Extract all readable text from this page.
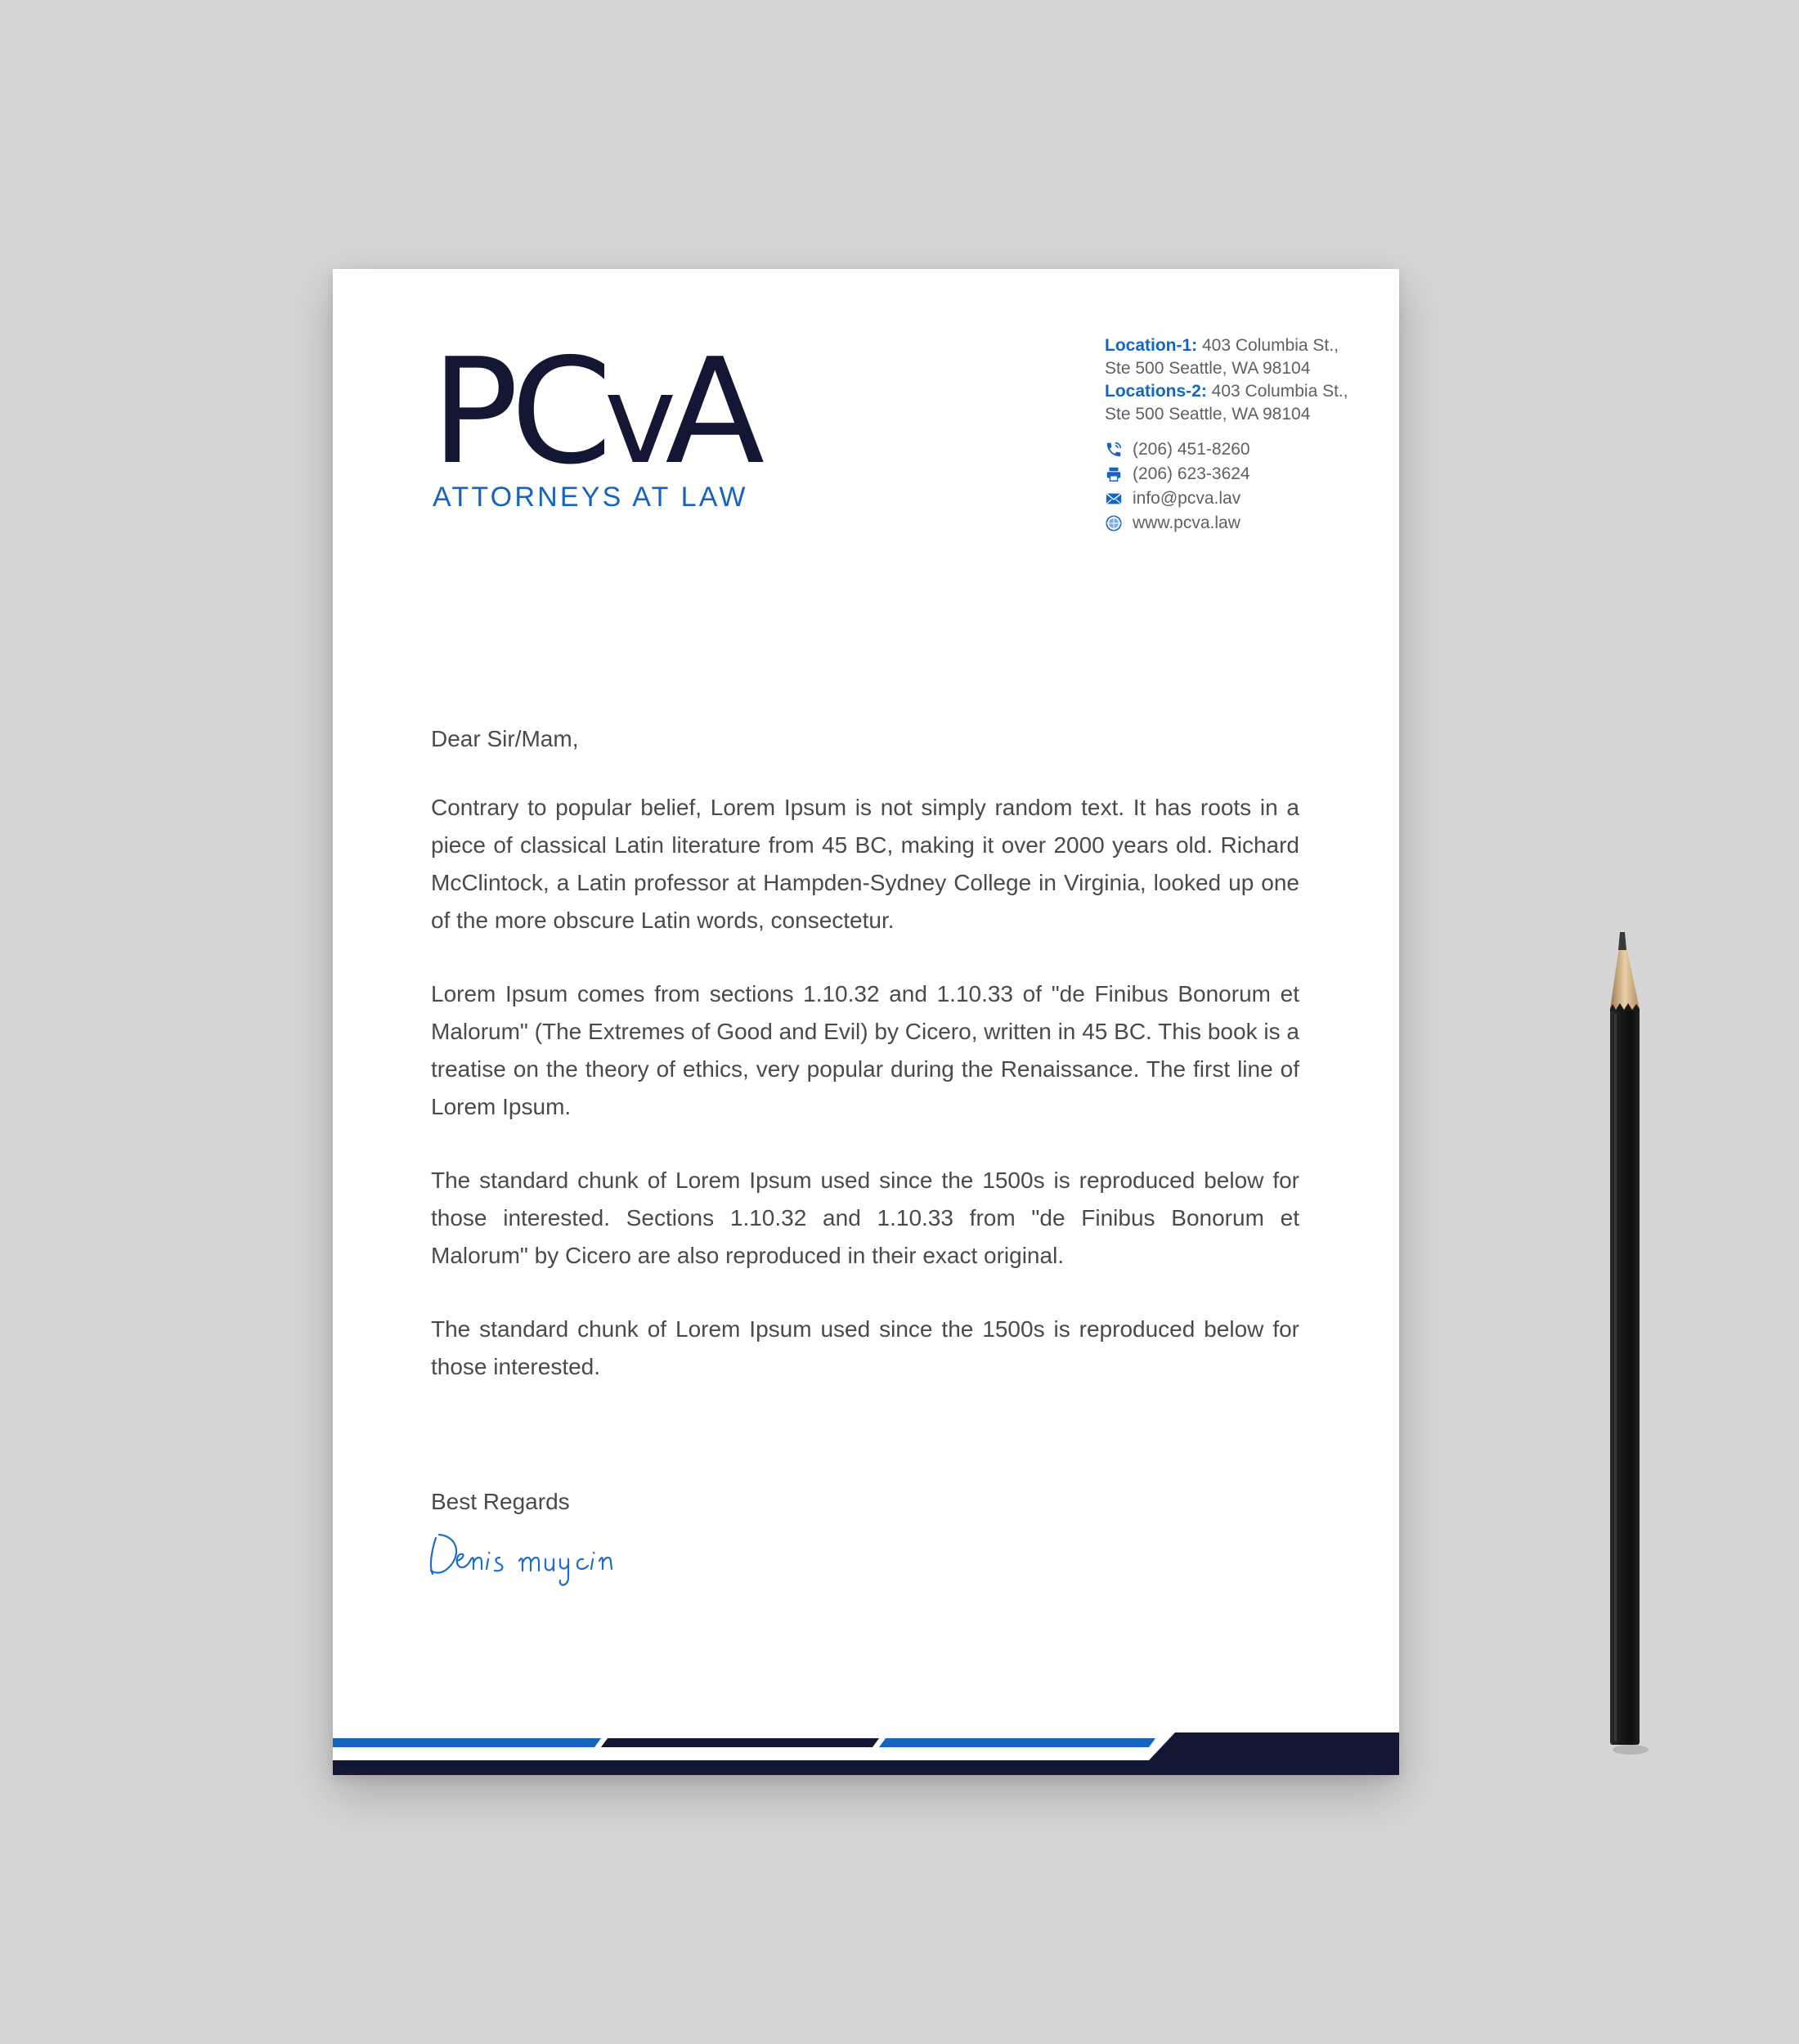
PCvA
ATTORNEYS AT LAW
Location-1: 403 Columbia St.,
Ste 500 Seattle, WA 98104
Locations-2: 403 Columbia St.,
Ste 500 Seattle, WA 98104
(206) 451-8260
(206) 623-3624
info@pcva.lav
www.pcva.law

Dear Sir/Mam,

Contrary to popular belief, Lorem Ipsum is not simply random text. It has roots in a piece of classical Latin literature from 45 BC, making it over 2000 years old. Richard McClintock, a Latin professor at Hampden-Sydney College in Virginia, looked up one of the more obscure Latin words, consectetur.

Lorem Ipsum comes from sections 1.10.32 and 1.10.33 of "de Finibus Bonorum et Malorum" (The Extremes of Good and Evil) by Cicero, written in 45 BC. This book is a treatise on the theory of ethics, very popular during the Renaissance. The first line of Lorem Ipsum.

The standard chunk of Lorem Ipsum used since the 1500s is reproduced below for those interested. Sections 1.10.32 and 1.10.33 from "de Finibus Bonorum et Malorum" by Cicero are also reproduced in their exact original.

The standard chunk of Lorem Ipsum used since the 1500s is reproduced below for those interested.

Best Regards
